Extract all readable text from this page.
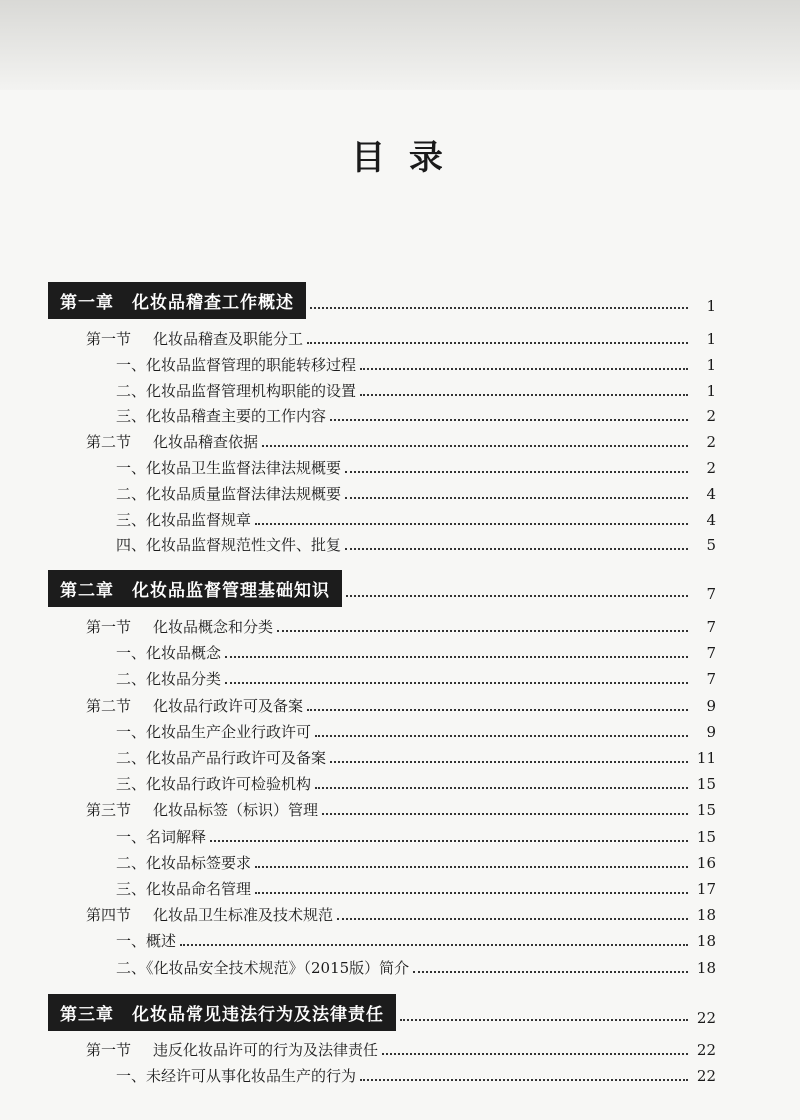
目 录
第一章　化妆品稽查工作概述	1
第一节	化妆品稽查及职能分工	1
一、化妆品监督管理的职能转移过程	1
二、化妆品监督管理机构职能的设置	1
三、化妆品稽查主要的工作内容	2
第二节	化妆品稽查依据	2
一、化妆品卫生监督法律法规概要	2
二、化妆品质量监督法律法规概要	4
三、化妆品监督规章	4
四、化妆品监督规范性文件、批复	5
第二章　化妆品监督管理基础知识	7
第一节	化妆品概念和分类	7
一、化妆品概念	7
二、化妆品分类	7
第二节	化妆品行政许可及备案	9
一、化妆品生产企业行政许可	9
二、化妆品产品行政许可及备案	11
三、化妆品行政许可检验机构	15
第三节	化妆品标签（标识）管理	15
一、名词解释	15
二、化妆品标签要求	16
三、化妆品命名管理	17
第四节	化妆品卫生标准及技术规范	18
一、概述	18
二、《化妆品安全技术规范》（2015版）简介	18
第三章　化妆品常见违法行为及法律责任	22
第一节	违反化妆品许可的行为及法律责任	22
一、未经许可从事化妆品生产的行为	22
